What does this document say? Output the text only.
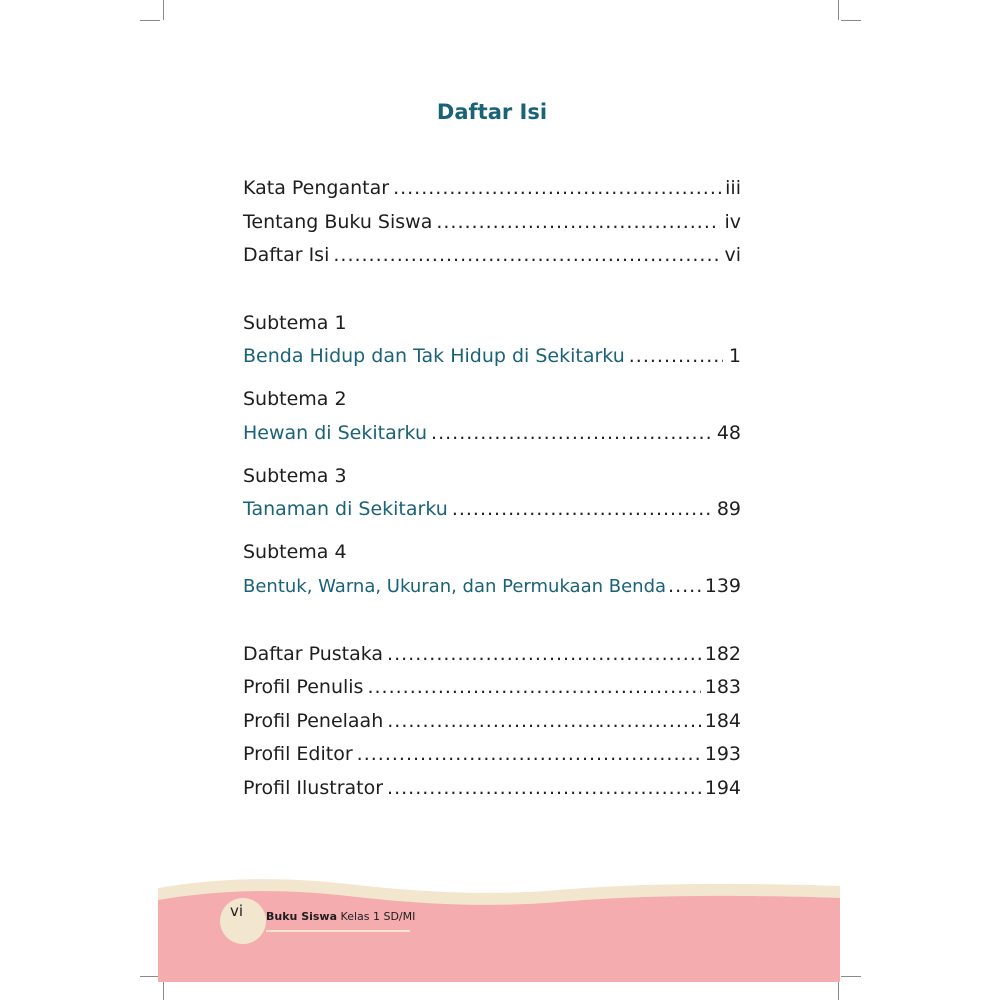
Daftar Isi
Kata Pengantar .....	iii
Tentang Buku Siswa .....	iv
Daftar Isi .....	vi
Subtema 1
Benda Hidup dan Tak Hidup di Sekitarku .....	1
Subtema 2
Hewan di Sekitarku .....	48
Subtema 3
Tanaman di Sekitarku .....	89
Subtema 4
Bentuk, Warna, Ukuran, dan Permukaan Benda ..... 139
Daftar Pustaka .....	182
Profil Penulis .....	183
Profil Penelaah .....	184
Profil Editor .....	193
Profil Ilustrator .....	194
vi Buku Siswa Kelas 1 SD/MI
